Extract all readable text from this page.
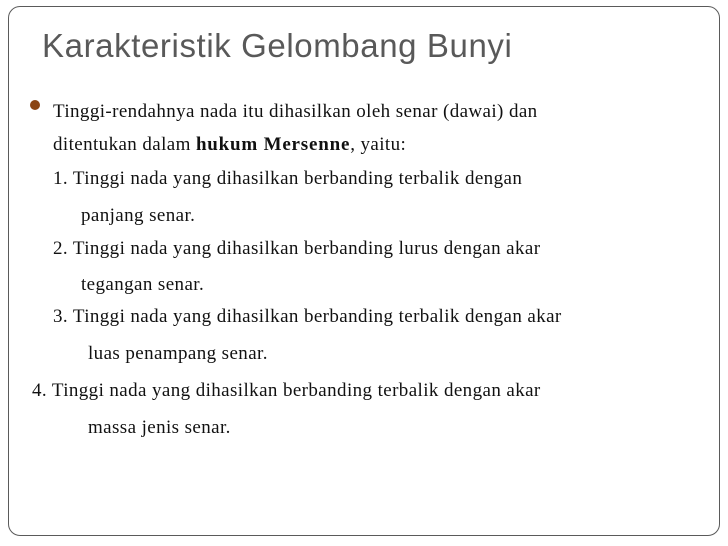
Karakteristik Gelombang Bunyi
Tinggi-rendahnya nada itu dihasilkan oleh senar (dawai) dan
ditentukan dalam hukum Mersenne, yaitu:
1. Tinggi nada yang dihasilkan berbanding terbalik dengan
panjang senar.
2. Tinggi nada yang dihasilkan berbanding lurus dengan akar
tegangan senar.
3. Tinggi nada yang dihasilkan berbanding terbalik dengan akar
luas penampang senar.
4. Tinggi nada yang dihasilkan berbanding terbalik dengan akar
massa jenis senar.
